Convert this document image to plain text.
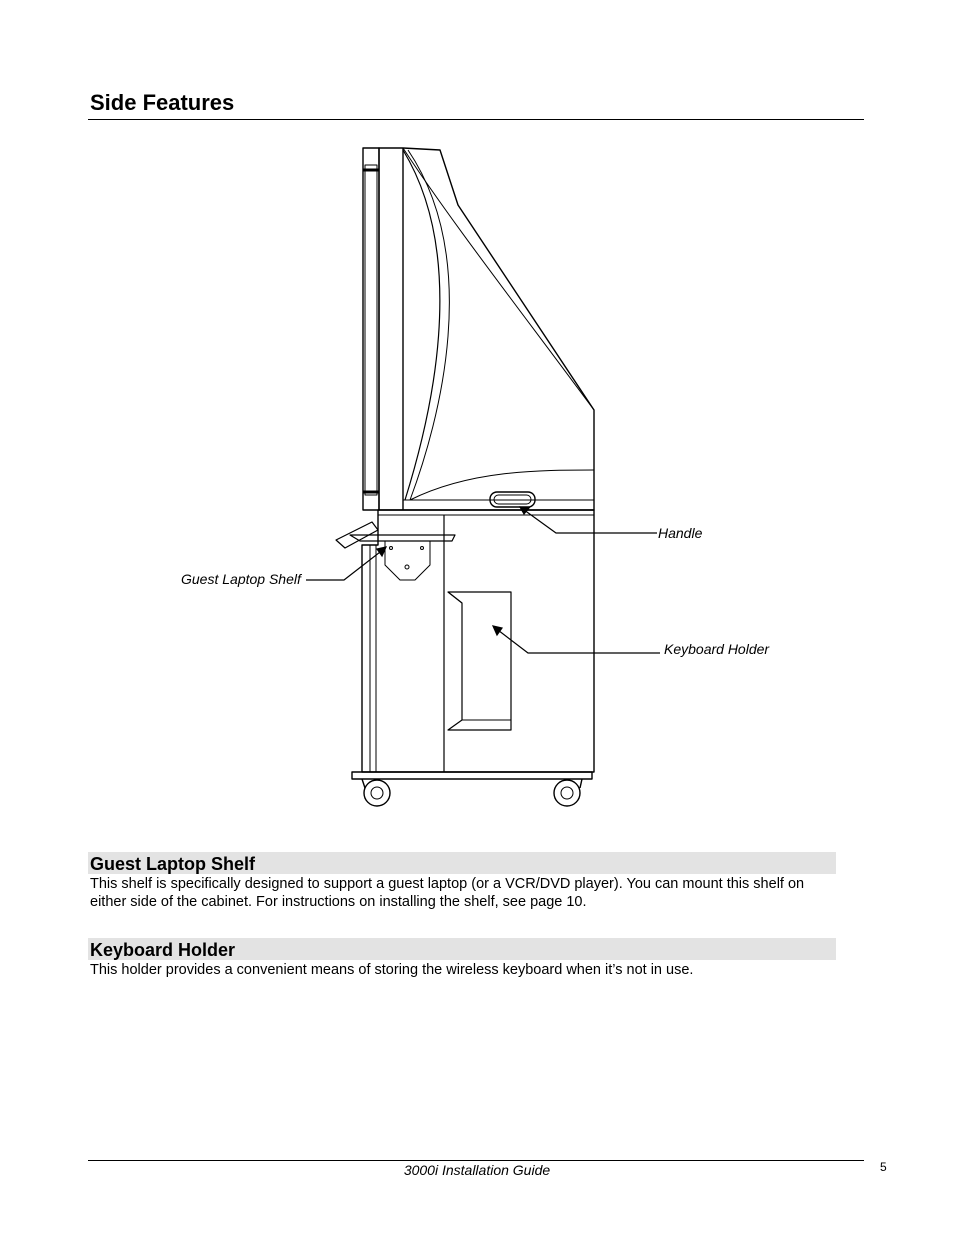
Side Features
Handle
Guest Laptop Shelf
Keyboard Holder
Guest Laptop Shelf

This shelf is specifically designed to support a guest laptop (or a VCR/DVD player). You can mount this shelf on either side of the cabinet. For instructions on installing the shelf, see page 10.

Keyboard Holder

This holder provides a convenient means of storing the wireless keyboard when it’s not in use.

3000i Installation Guide	5
